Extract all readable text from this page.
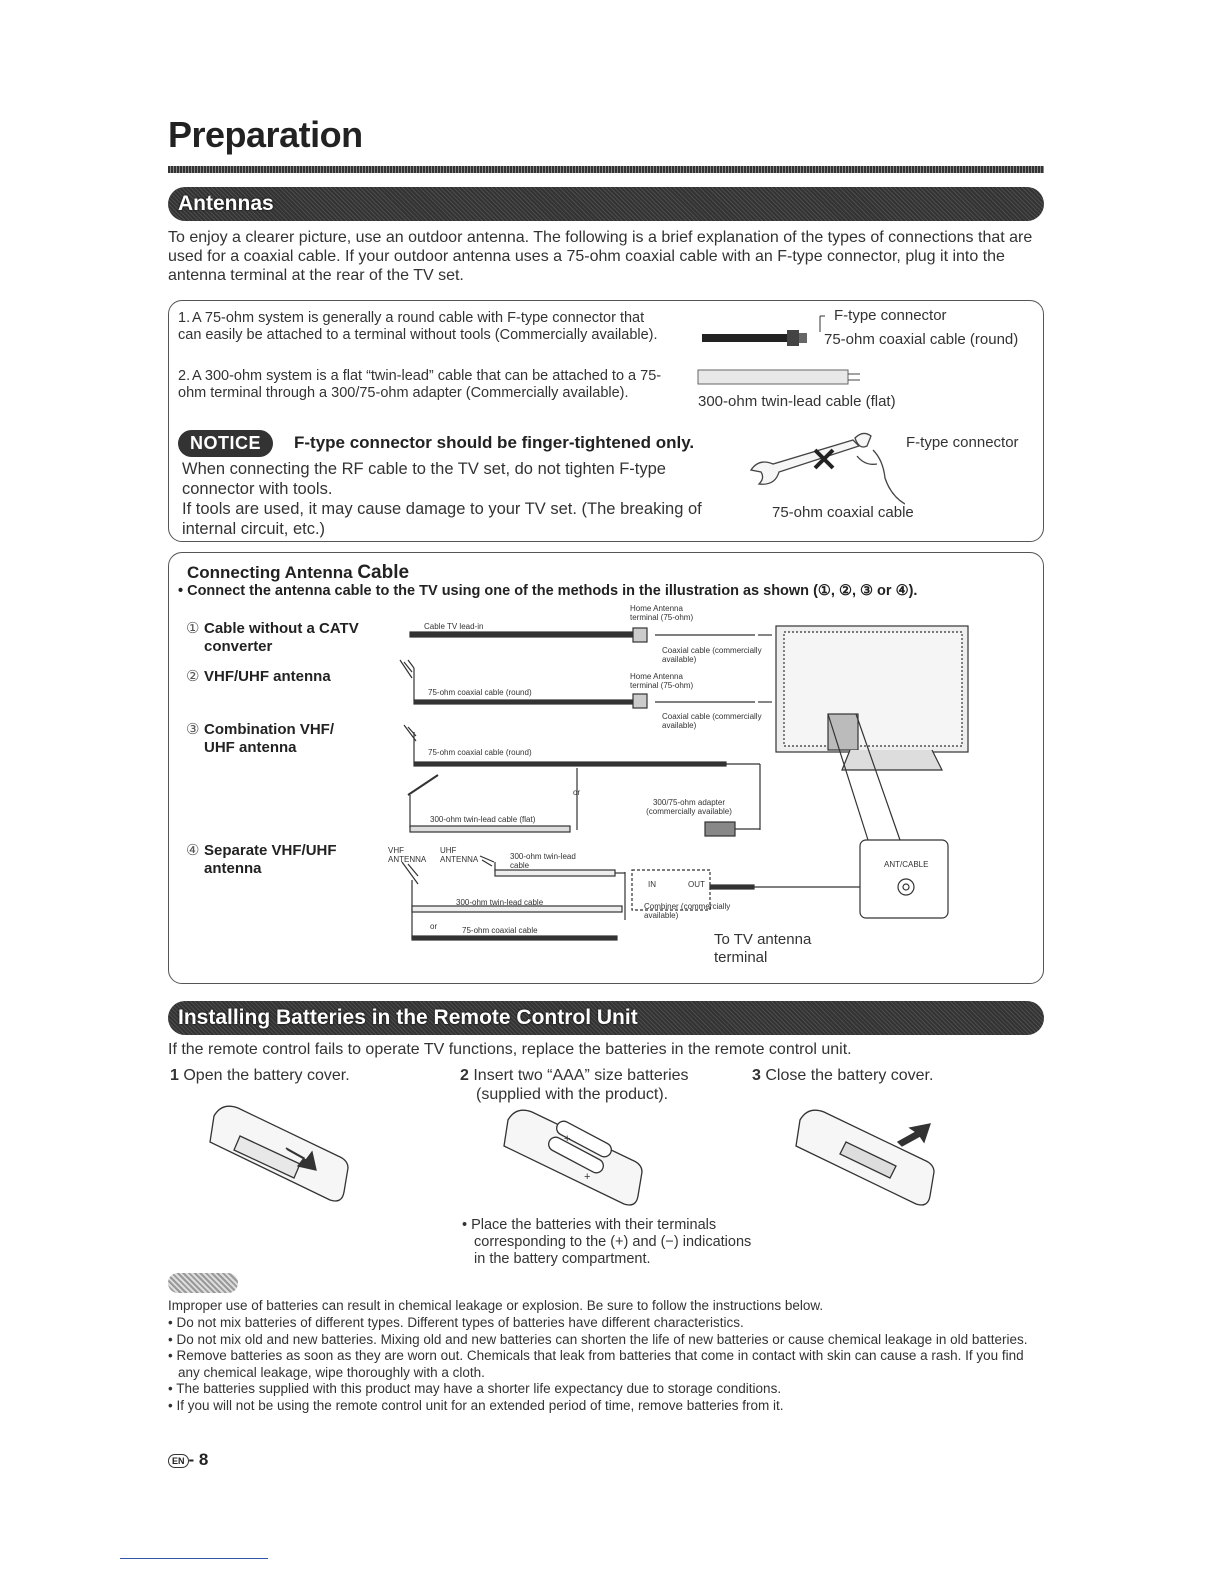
Preparation
Antennas
To enjoy a clearer picture, use an outdoor antenna. The following is a brief explanation of the types of connections that are used for a coaxial cable. If your outdoor antenna uses a 75-ohm coaxial cable with an F-type connector, plug it into the antenna terminal at the rear of the TV set.
1. A 75-ohm system is generally a round cable with F-type connector that can easily be attached to a terminal without tools (Commercially available).
2. A 300-ohm system is a flat “twin-lead” cable that can be attached to a 75-ohm terminal through a 300/75-ohm adapter (Commercially available).
F-type connector
75-ohm coaxial cable (round)
300-ohm twin-lead cable (flat)
NOTICE	F-type connector should be finger-tightened only.
When connecting the RF cable to the TV set, do not tighten F-type connector with tools.
If tools are used, it may cause damage to your TV set. (The breaking of internal circuit, etc.)
F-type connector
75-ohm coaxial cable
Connecting Antenna Cable
• Connect the antenna cable to the TV using one of the methods in the illustration as shown (①, ②, ③ or ④).
① Cable without a CATV converter
② VHF/UHF antenna
③ Combination VHF/ UHF antenna
④ Separate VHF/UHF antenna
Cable TV lead-in
Home Antenna terminal (75-ohm)
Coaxial cable (commercially available)
Home Antenna terminal (75-ohm)
Coaxial cable (commercially available)
75-ohm coaxial cable (round)
75-ohm coaxial cable (round)
or
300/75-ohm adapter (commercially available)
300-ohm twin-lead cable (flat)
VHF ANTENNA
UHF ANTENNA	300-ohm twin-lead cable
300-ohm twin-lead cable
or	75-ohm coaxial cable
IN	OUT
Combiner (commercially available)
ANT/CABLE
To TV antenna terminal
Installing Batteries in the Remote Control Unit
If the remote control fails to operate TV functions, replace the batteries in the remote control unit.
1 Open the battery cover.	2 Insert two “AAA” size batteries (supplied with the product).
3 Close the battery cover.
+
+
• Place the batteries with their terminals corresponding to the (+) and (−) indications in the battery compartment.
Improper use of batteries can result in chemical leakage or explosion. Be sure to follow the instructions below.
• Do not mix batteries of different types. Different types of batteries have different characteristics.
• Do not mix old and new batteries. Mixing old and new batteries can shorten the life of new batteries or cause chemical leakage in old batteries.
• Remove batteries as soon as they are worn out. Chemicals that leak from batteries that come in contact with skin can cause a rash. If you find any chemical leakage, wipe thoroughly with a cloth.
• The batteries supplied with this product may have a shorter life expectancy due to storage conditions.
• If you will not be using the remote control unit for an extended period of time, remove batteries from it.
EN - 8
